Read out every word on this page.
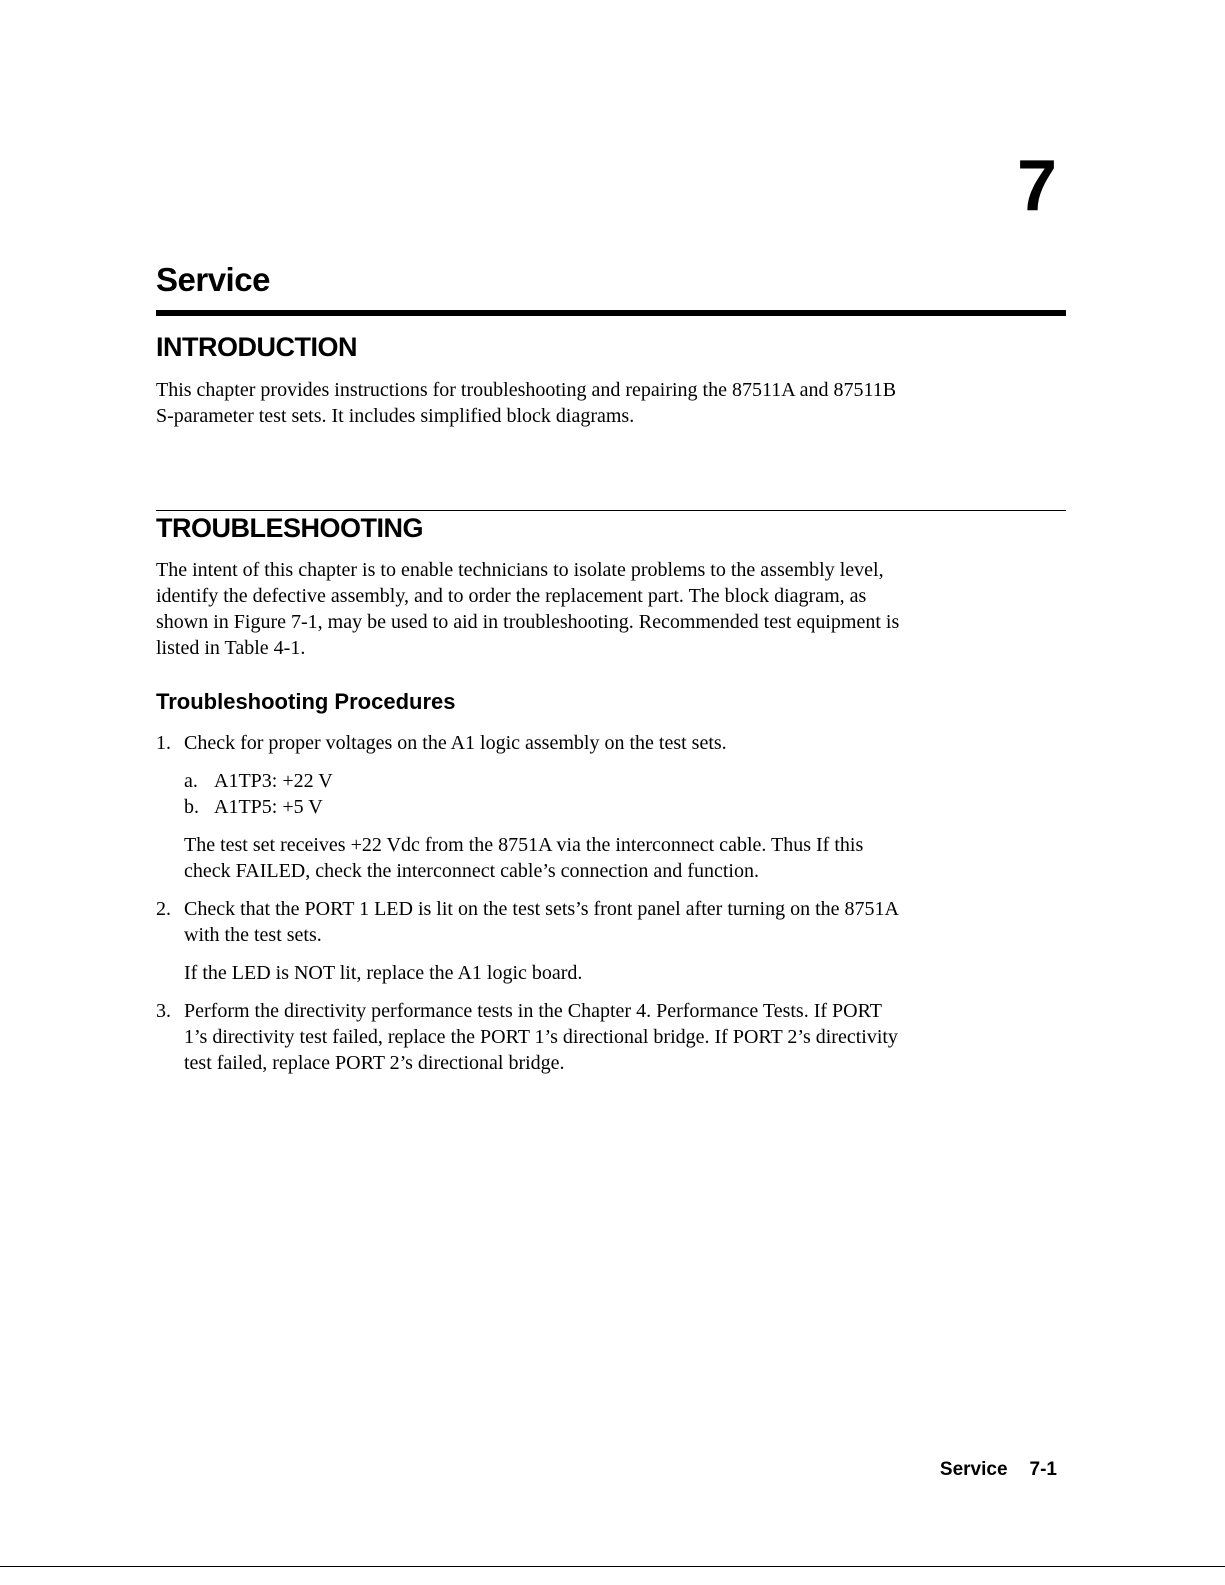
7
Service
INTRODUCTION

This chapter provides instructions for troubleshooting and repairing the 87511A and 87511B
S-parameter test sets. It includes simplified block diagrams.

TROUBLESHOOTING

The intent of this chapter is to enable technicians to isolate problems to the assembly level,
identify the defective assembly, and to order the replacement part. The block diagram, as
shown in Figure 7-1, may be used to aid in troubleshooting. Recommended test equipment is
listed in Table 4-1.

Troubleshooting Procedures
1. Check for proper voltages on the A1 logic assembly on the test sets.
a. A1TP3: +22 V
b. A1TP5: +5 V
The test set receives +22 Vdc from the 8751A via the interconnect cable. Thus If this
check FAILED, check the interconnect cable’s connection and function.
2. Check that the PORT 1 LED is lit on the test sets’s front panel after turning on the 8751A
with the test sets.
If the LED is NOT lit, replace the A1 logic board.
3. Perform the directivity performance tests in the Chapter 4. Performance Tests. If PORT
1’s directivity test failed, replace the PORT 1’s directional bridge. If PORT 2’s directivity
test failed, replace PORT 2’s directional bridge.
Service 7-1
